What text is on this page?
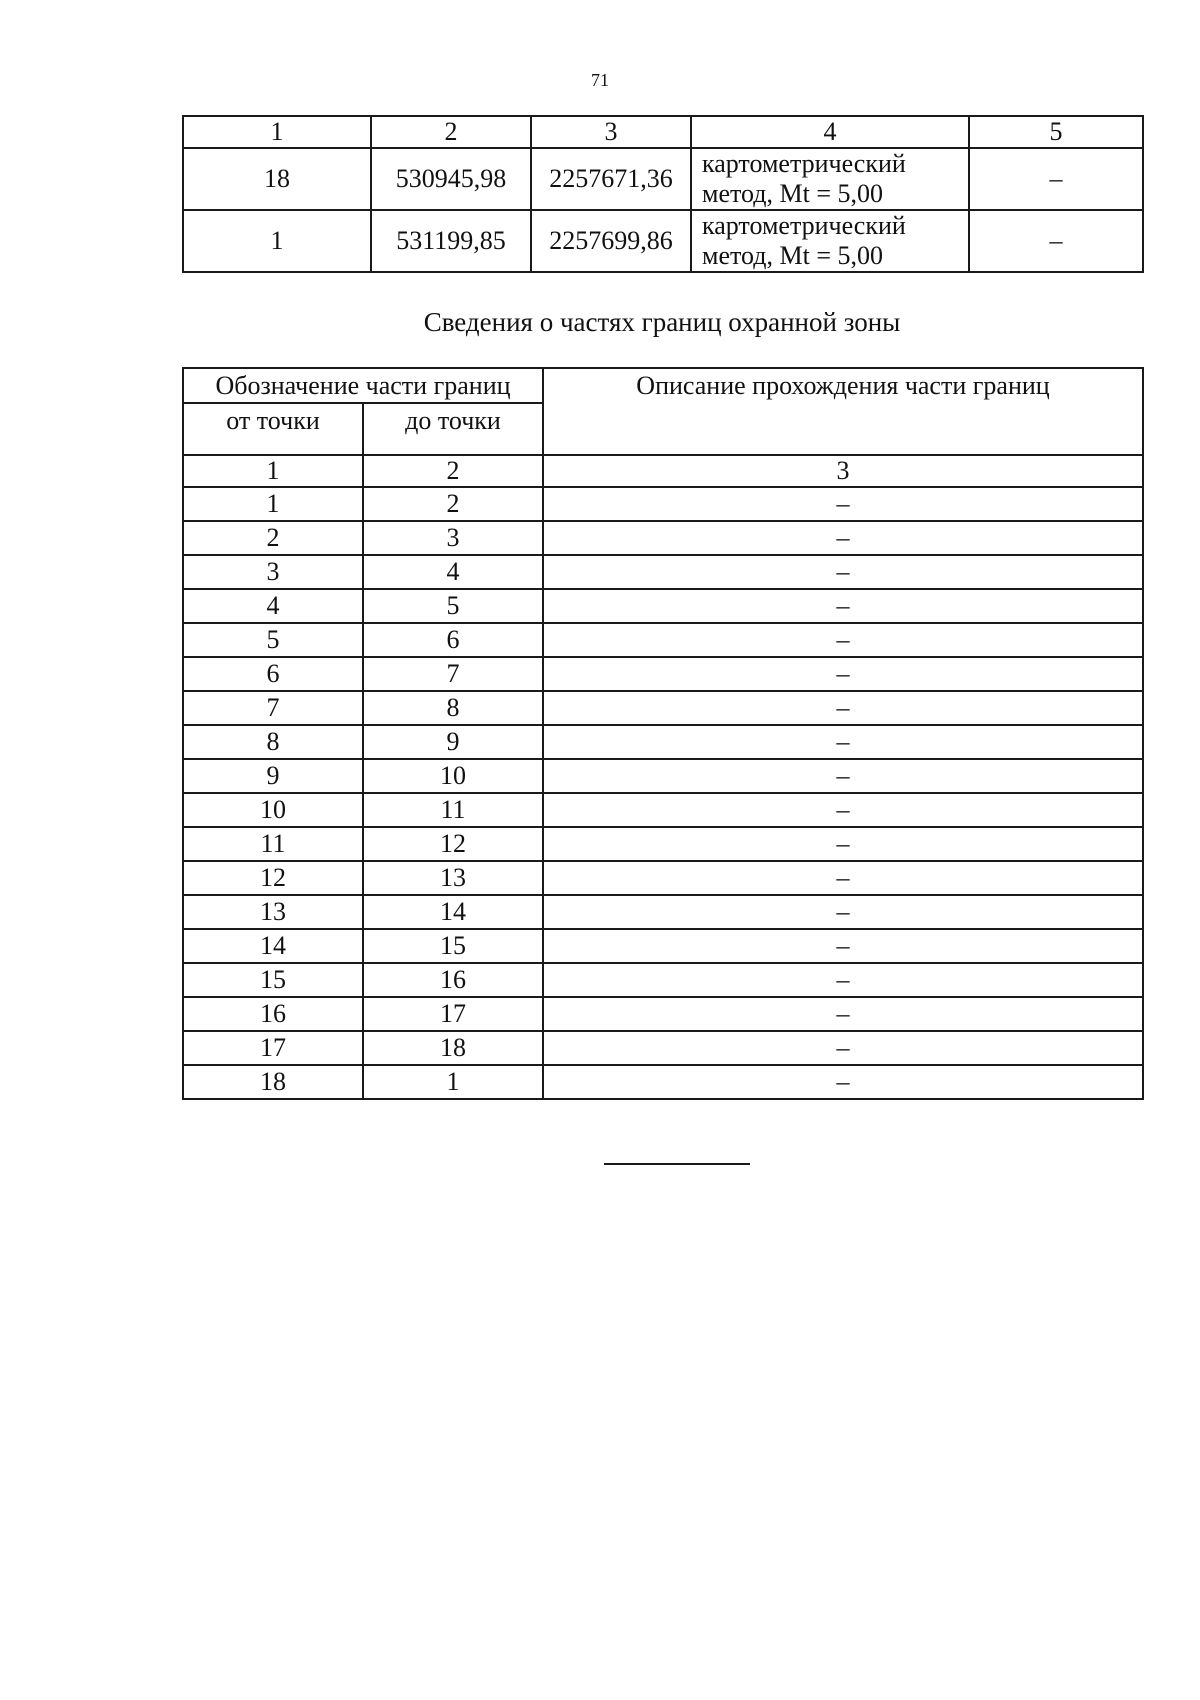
71
1	2	3	4	5
18	530945,98	2257671,36	картометрический
метод, Mt = 5,00	–
1	531199,85	2257699,86	картометрический
метод, Mt = 5,00	–
Сведения о частях границ охранной зоны
Обозначение части границ		Описание прохождения части границ
от точки	до точки	
1	2	3
1	2	–
2	3	–
3	4	–
4	5	–
5	6	–
6	7	–
7	8	–
8	9	–
9	10	–
10	11	–
11	12	–
12	13	–
13	14	–
14	15	–
15	16	–
16	17	–
17	18	–
18	1	–
